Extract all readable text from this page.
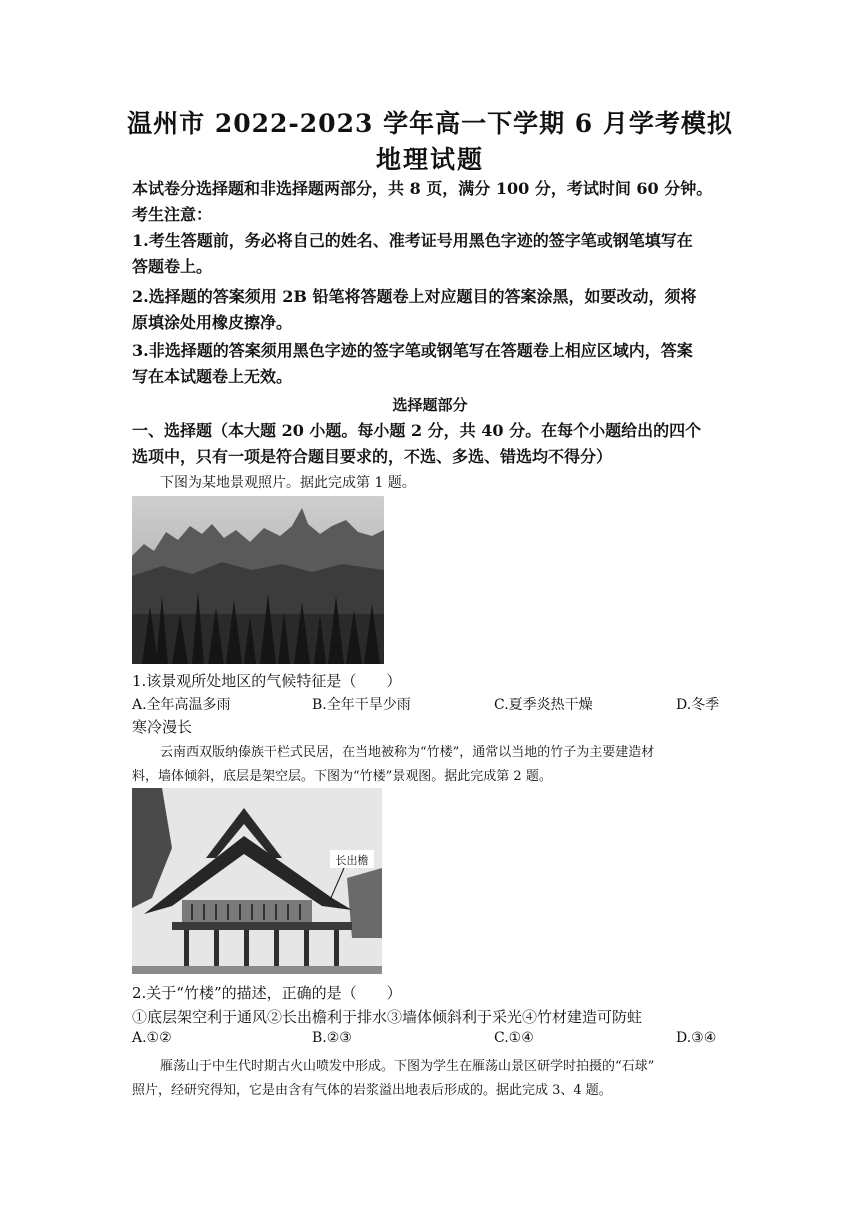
温州市 2022-2023 学年高一下学期 6 月学考模拟
地理试题
本试卷分选择题和非选择题两部分，共 8 页，满分 100 分，考试时间 60 分钟。
考生注意：
1.考生答题前，务必将自己的姓名、准考证号用黑色字迹的签字笔或钢笔填写在
答题卷上。
2.选择题的答案须用 2B 铅笔将答题卷上对应题目的答案涂黑，如要改动，须将
原填涂处用橡皮擦净。
3.非选择题的答案须用黑色字迹的签字笔或钢笔写在答题卷上相应区域内，答案
写在本试题卷上无效。
选择题部分
一、选择题（本大题 20 小题。每小题 2 分，共 40 分。在每个小题给出的四个
选项中，只有一项是符合题目要求的，不选、多选、错选均不得分）
下图为某地景观照片。据此完成第 1 题。
1.该景观所处地区的气候特征是（　　）
A.全年高温多雨	B.全年干旱少雨	C.夏季炎热干燥	D.冬季
寒冷漫长
云南西双版纳傣族干栏式民居，在当地被称为“竹楼”，通常以当地的竹子为主要建造材
料，墙体倾斜，底层是架空层。下图为“竹楼”景观图。据此完成第 2 题。
长出檐
2.关于“竹楼”的描述，正确的是（　　）
①底层架空利于通风②长出檐利于排水③墙体倾斜利于采光④竹材建造可防蛀
A.①②	B.②③	C.①④	D.③④
雁荡山于中生代时期古火山喷发中形成。下图为学生在雁荡山景区研学时拍摄的“石球”
照片，经研究得知，它是由含有气体的岩浆溢出地表后形成的。据此完成 3、4 题。
